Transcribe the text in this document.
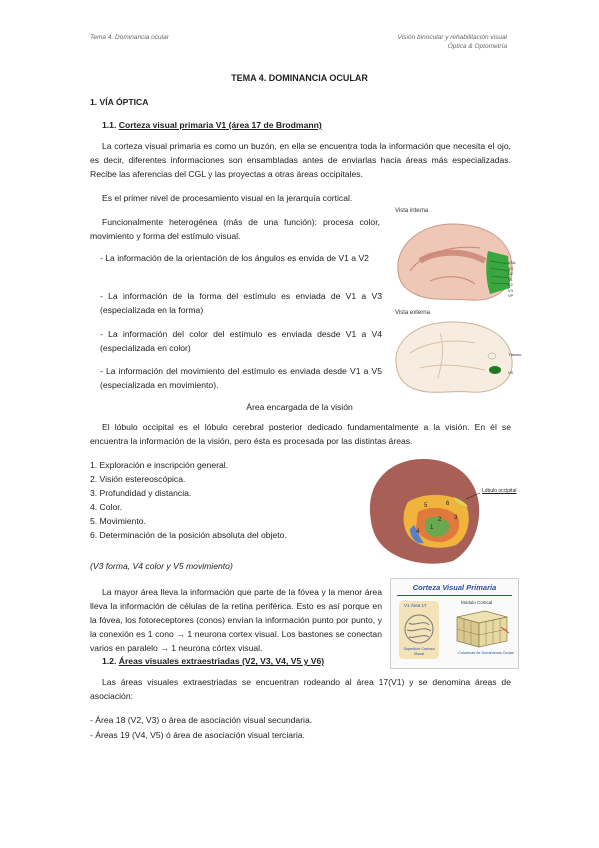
Tema 4. Dominancia ocular	Visión binocular y rehabilitación visual
Óptica & Optometría
TEMA 4. DOMINANCIA OCULAR
1. VÍA ÓPTICA
1.1. Corteza visual primaria V1 (área 17 de Brodmann)
La corteza visual primaria es como un buzón, en ella se encuentra toda la información que necesita el ojo, es decir, diferentes informaciones son ensambladas antes de enviarlas hacia áreas más especializadas. Recibe las aferencias del CGL y las proyectas a otras áreas occipitales.
Es el primer nivel de procesamiento visual en la jerarquía cortical.
Funcionalmente heterogénea (más de una función): procesa color, movimiento y forma del estímulo visual.
- La información de la orientación de los ángulos es envida de V1 a V2
- La información de la forma del estímulo es enviada de V1 a V3 (especializada en la forma)
- La información del color del estímulo es enviada desde V1 a V4 (especializada en color)
- La información del movimiento del estímulo es enviada desde V1 a V5 (especializada en movimiento).
Vista interna
V3A
V3
V2
V1
V2
V3
VP
Vista externa
Tálamo
V5
Área encargada de la visión
El lóbulo occipital es el lóbulo cerebral posterior dedicado fundamentalmente a la visión. En él se encuentra la información de la visión, pero ésta es procesada por las distintas áreas.
1. Exploración e inscripción general.
2. Visión estereoscópica.
3. Profundidad y distancia.
4. Color.
5. Movimiento.
6. Determinación de la posición absoluta del objeto.
Lóbulo occipital
1
2 3
4
5	6
(V3 forma, V4 color y V5 movimiento)
La mayor área lleva la información que parte de la fóvea y la menor área lleva la información de células de la retina periférica. Esto es así porque en la fóvea, los fotoreceptores (conos) envían la información punto por punto, y la conexión es 1 cono → 1 neurona cortex visual. Los bastones se conectan varios en paralelo → 1 neurona córtex visual.
Corteza Visual Primaria
V1 Área 17
Superficie Corteza Visual
Módulo Cortical
Columnas de Dominancia Ocular
1.2. Áreas visuales extraestriadas (V2, V3, V4, V5 y V6)
Las áreas visuales extraestriadas se encuentran rodeando al área 17(V1) y se denomina áreas de asociación:
- Área 18 (V2, V3) o área de asociación visual secundaria.
- Áreas 19 (V4, V5) ó área de asociación visual terciaria.
